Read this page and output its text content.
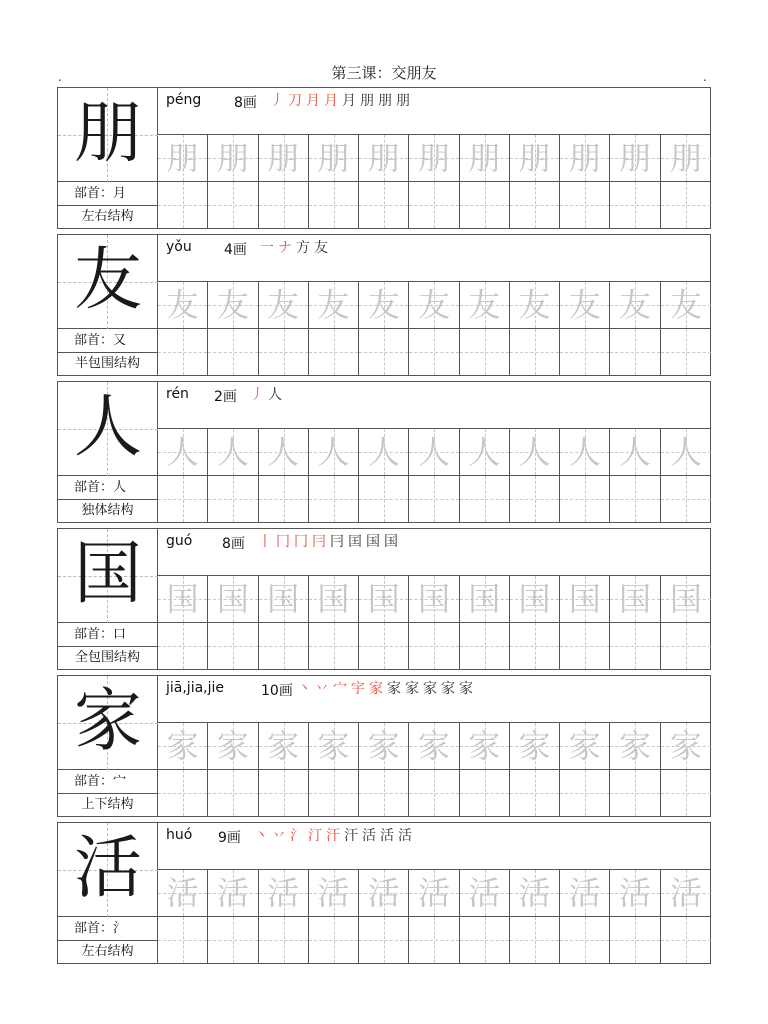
.	.
第三课：交朋友
朋
部首：月
左右结构
péng 8画 丿刀月月月朋朋朋
朋 朋 朋 朋 朋 朋 朋 朋 朋 朋 朋
友
部首：又
半包围结构
yǒu 4画 一ナ方友
友 友 友 友 友 友 友 友 友 友 友
人
部首：人
独体结构
rén 2画 丿人
人 人 人 人 人 人 人 人 人 人 人
国
部首：口
全包围结构
guó 8画 丨冂冂冃冃囯国国
国 国 国 国 国 国 国 国 国 国 国
家
部首：宀
上下结构
jiā,jia,jie	10画 丶丷宀宇家家家家家家
家 家 家 家 家 家 家 家 家 家 家
活
部首：氵
左右结构
huó 9画 丶丷氵汀汗汗活活活
活 活 活 活 活 活 活 活 活 活 活
